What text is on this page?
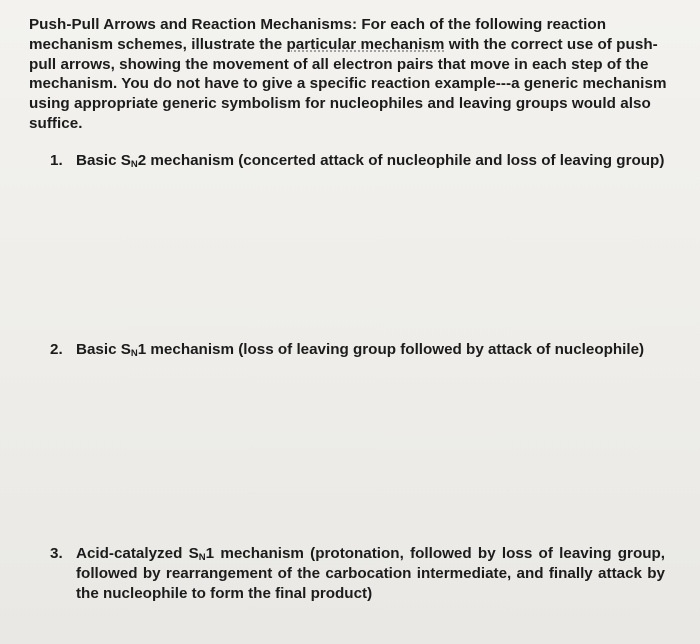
Push-Pull Arrows and Reaction Mechanisms: For each of the following reaction mechanism schemes, illustrate the particular mechanism with the correct use of push-pull arrows, showing the movement of all electron pairs that move in each step of the mechanism. You do not have to give a specific reaction example---a generic mechanism using appropriate generic symbolism for nucleophiles and leaving groups would also suffice.

1. Basic $S_N2$ mechanism (concerted attack of nucleophile and loss of leaving group)
2. Basic $S_N1$ mechanism (loss of leaving group followed by attack of nucleophile)
3. Acid-catalyzed $S_N1$ mechanism (protonation, followed by loss of leaving group, followed by rearrangement of the carbocation intermediate, and finally attack by the nucleophile to form the final product)
